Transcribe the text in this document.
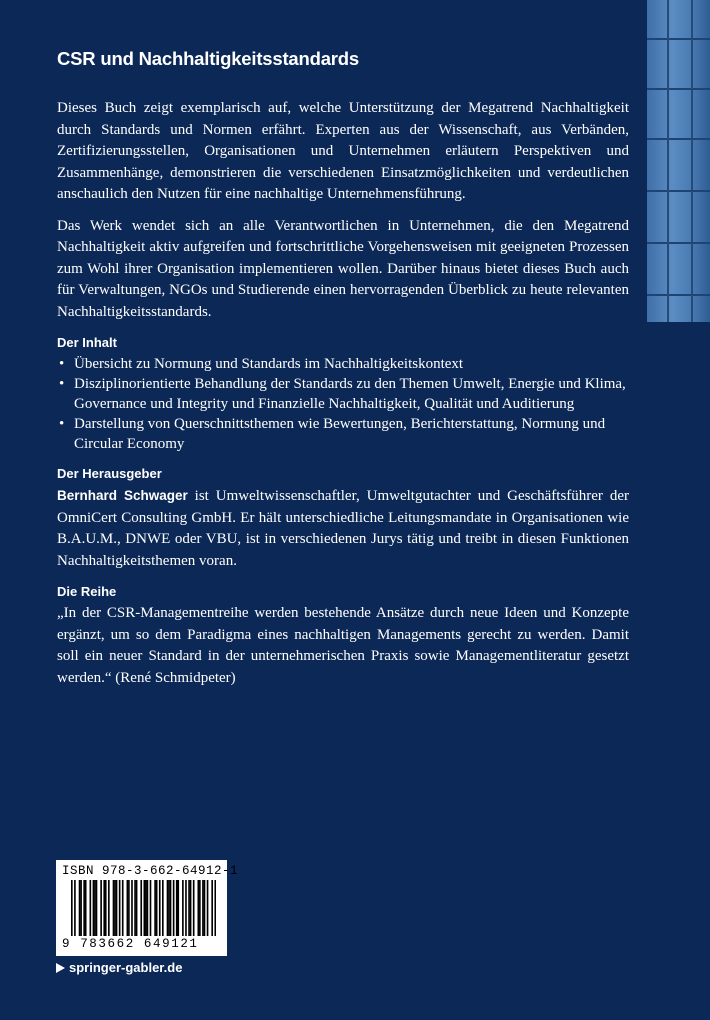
CSR und Nachhaltigkeitsstandards

Dieses Buch zeigt exemplarisch auf, welche Unterstützung der Megatrend Nachhaltigkeit durch Standards und Normen erfährt. Experten aus der Wissenschaft, aus Verbänden, Zertifizierungsstellen, Organisationen und Unternehmen erläutern Perspektiven und Zusammenhänge, demonstrieren die verschiedenen Einsatzmöglichkeiten und verdeutlichen anschaulich den Nutzen für eine nachhaltige Unternehmensführung.

Das Werk wendet sich an alle Verantwortlichen in Unternehmen, die den Megatrend Nachhaltigkeit aktiv aufgreifen und fortschrittliche Vorgehensweisen mit geeigneten Prozessen zum Wohl ihrer Organisation implementieren wollen. Darüber hinaus bietet dieses Buch auch für Verwaltungen, NGOs und Studierende einen hervorragenden Überblick zu heute relevanten Nachhaltigkeitsstandards.

Der Inhalt
• Übersicht zu Normung und Standards im Nachhaltigkeitskontext
• Disziplinorientierte Behandlung der Standards zu den Themen Umwelt, Energie und Klima, Governance und Integrity und Finanzielle Nachhaltigkeit, Qualität und Auditierung
• Darstellung von Querschnittsthemen wie Bewertungen, Berichterstattung, Normung und Circular Economy
Der Herausgeber

Bernhard Schwager ist Umweltwissenschaftler, Umweltgutachter und Geschäftsführer der OmniCert Consulting GmbH. Er hält unterschiedliche Leitungsmandate in Organisationen wie B.A.U.M., DNWE oder VBU, ist in verschiedenen Jurys tätig und treibt in diesen Funktionen Nachhaltigkeitsthemen voran.

Die Reihe

„In der CSR-Managementreihe werden bestehende Ansätze durch neue Ideen und Konzepte ergänzt, um so dem Paradigma eines nachhaltigen Managements gerecht zu werden. Damit soll ein neuer Standard in der unternehmerischen Praxis sowie Managementliteratur gesetzt werden.“ (René Schmidpeter)

ISBN 978-3-662-64912-1
9 783662 649121
springer-gabler.de
